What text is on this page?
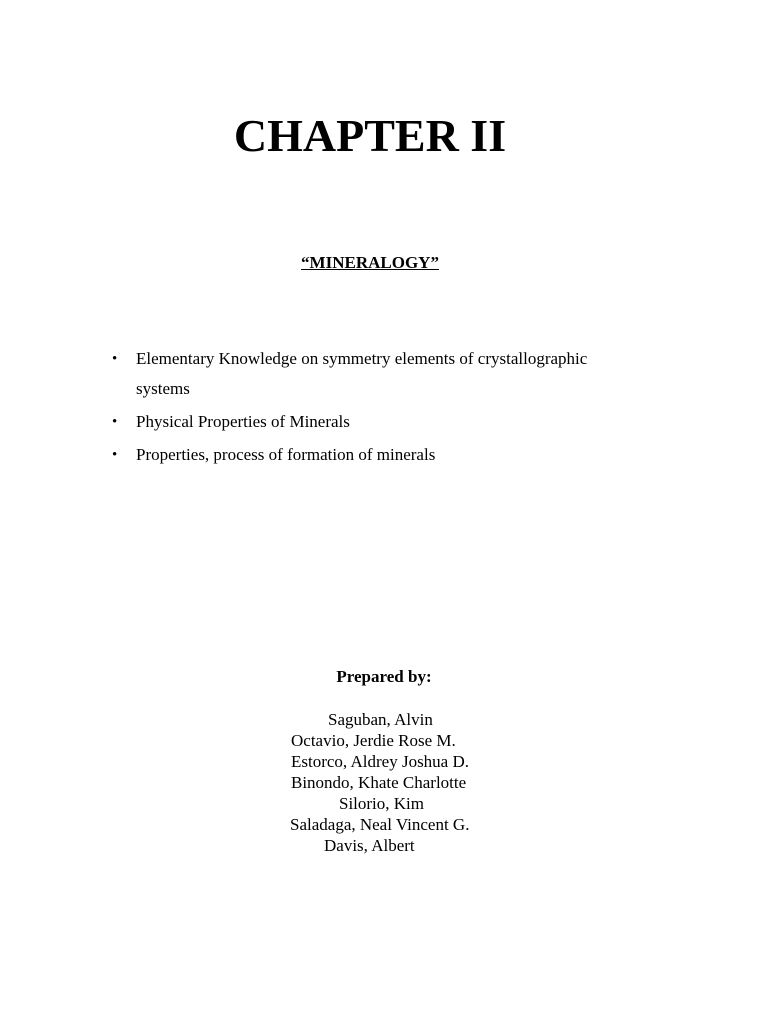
CHAPTER II

“MINERALOGY”

• Elementary Knowledge on symmetry elements of crystallographic systems
• Physical Properties of Minerals
• Properties, process of formation of minerals

Prepared by:

Saguban, Alvin
Octavio, Jerdie Rose M.
Estorco, Aldrey Joshua D.
Binondo, Khate Charlotte
Silorio, Kim
Saladaga, Neal Vincent G.
Davis, Albert
